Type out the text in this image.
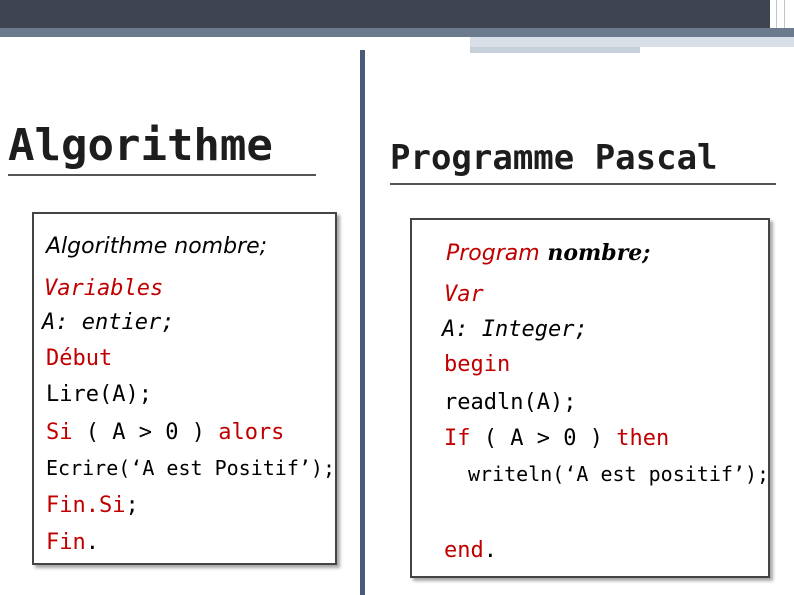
Algorithme
Algorithme nombre;
Variables
A: entier;
Début
Lire(A);
Si ( A > 0 ) alors
Ecrire(‘A est Positif’);
Fin.Si;
Fin.
Programme Pascal
Program nombre;
Var
A: Integer;
begin
readln(A);
If ( A > 0 ) then
writeln(‘A est positif’);
end.
